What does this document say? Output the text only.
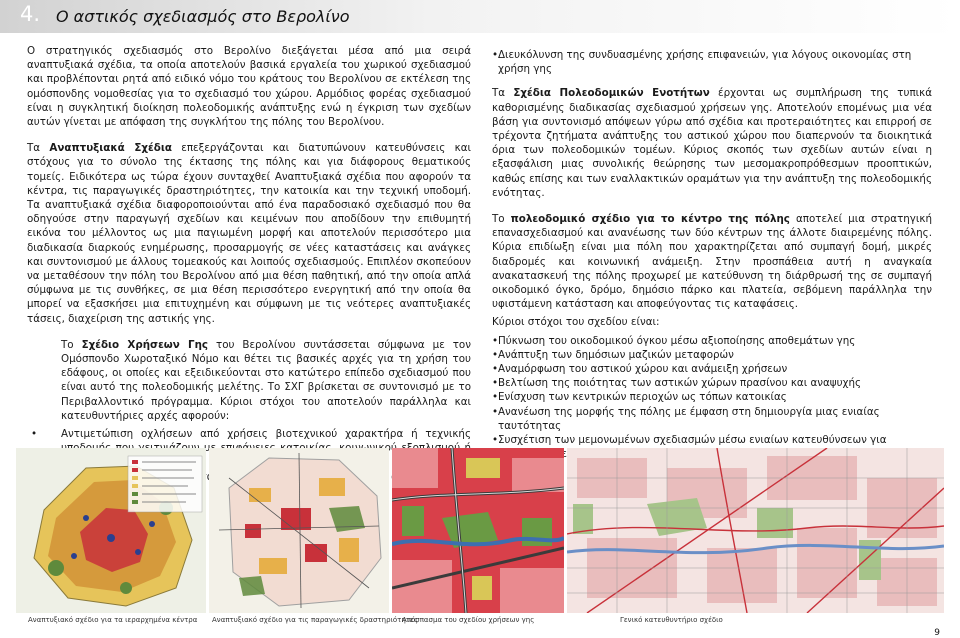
4. Ο αστικός σχεδιασμός στο Βερολίνο

Ο στρατηγικός σχεδιασμός στο Βερολίνο διεξάγεται μέσα από μια σειρά αναπτυξιακά σχέδια, τα οποία αποτελούν βασικά εργαλεία του χωρικού σχεδιασμού και προβλέπονται ρητά από ειδικό νόμο του κράτους του Βερολίνου σε εκτέλεση της ομόσπονδης νομοθεσίας για το σχεδιασμό του χώρου. Αρμόδιος φορέας σχεδιασμού είναι η συγκλητική διοίκηση πολεοδομικής ανάπτυξης ενώ η έγκριση των σχεδίων αυτών γίνεται με απόφαση της συγκλήτου της πόλης του Βερολίνου.

Τα Αναπτυξιακά Σχέδια επεξεργάζονται και διατυπώνουν κατευθύνσεις και στόχους για το σύνολο της έκτασης της πόλης και για διάφορους θεματικούς τομείς. Ειδικότερα ως τώρα έχουν συνταχθεί Αναπτυξιακά σχέδια που αφορούν τα κέντρα, τις παραγωγικές δραστηριότητες, την κατοικία και την τεχνική υποδομή. Τα αναπτυξιακά σχέδια διαφοροποιούνται από ένα παραδοσιακό σχεδιασμό που θα οδηγούσε στην παραγωγή σχεδίων και κειμένων που αποδίδουν την επιθυμητή εικόνα του μέλλοντος ως μια παγιωμένη μορφή και αποτελούν περισσότερο μια διαδικασία διαρκούς ενημέρωσης, προσαρμογής σε νέες καταστάσεις και ανάγκες και συντονισμού με άλλους τομεακούς και λοιπούς σχεδιασμούς. Επιπλέον σκοπεύουν να μεταθέσουν την πόλη του Βερολίνου από μια θέση παθητική, από την οποία απλά σύμφωνα με τις συνθήκες, σε μια θέση περισσότερο ενεργητική από την οποία θα μπορεί να εξασκήσει μια επιτυχημένη και σύμφωνη με τις νεότερες αναπτυξιακές τάσεις, διαχείριση της αστικής γης.

Το Σχέδιο Χρήσεων Γης του Βερολίνου συντάσσεται σύμφωνα με τον Ομόσπονδο Χωροταξικό Νόμο και θέτει τις βασικές αρχές για τη χρήση του εδάφους, οι οποίες και εξειδικεύονται στο κατώτερο επίπεδο σχεδιασμού που είναι αυτό της πολεοδομικής μελέτης. Το ΣΧΓ βρίσκεται σε συντονισμό με το Περιβαλλοντικό πρόγραμμα. Κύριοι στόχοι του αποτελούν παράλληλα και κατευθυντήριες αρχές αφορούν:

• Αντιμετώπιση οχλήσεων από χρήσεις βιοτεχνικού χαρακτήρα ή τεχνικής
•
• Διευκόλυνση της συνδυασμένης χρήσης επιφανειών, για λόγους οικονομίας στη χρήση γης

Τα Σχέδια Πολεοδομικών Ενοτήτων έρχονται ως συμπλήρωση της τυπικά καθορισμένης διαδικασίας σχεδιασμού χρήσεων γης. Αποτελούν επομένως μια νέα βάση για συντονισμό απόψεων γύρω από σχέδια και προτεραιότητες και επιρροή σε τρέχοντα ζητήματα ανάπτυξης του αστικού χώρου που διαπερνούν τα διοικητικά όρια των πολεοδομικών τομέων. Κύριος σκοπός των σχεδίων αυτών είναι η εξασφάλιση μιας συνολικής θεώρησης των μεσομακροπρόθεσμων προοπτικών, καθώς επίσης και των εναλλακτικών οραμάτων για την ανάπτυξη της πολεοδομικής ενότητας.

Το πολεοδομικό σχέδιο για το κέντρο της πόλης αποτελεί μια στρατηγική επανασχεδιασμού και ανανέωσης των δύο κέντρων της άλλοτε διαιρεμένης πόλης. Κύρια επιδίωξη είναι μια πόλη που χαρακτηρίζεται από συμπαγή δομή, μικρές διαδρομές και κοινωνική ανάμειξη. Στην προσπάθεια αυτή η αναγκαία ανακατασκευή της πόλης προχωρεί με κατεύθυνση τη διάρθρωσή της σε συμπαγή οικοδομικό όγκο, δρόμο, δημόσιο πάρκο και πλατεία, σεβόμενη παράλληλα την υφιστάμενη κατάσταση και αποφεύγοντας τις καταφάσεις.

Κύριοι στόχοι του σχεδίου είναι:

• Πύκνωση του οικοδομικού όγκου μέσω αξιοποίησης αποθεμάτων γης
• Ανάπτυξη των δημόσιων μαζικών μεταφορών
• Αναμόρφωση του αστικού χώρου και ανάμειξη χρήσεων
• Βελτίωση της ποιότητας των αστικών χώρων πρασίνου και αναψυχής
• Ενίσχυση των κεντρικών περιοχών ως τόπων κατοικίας
• Ανανέωση της μορφής της πόλης με έμφαση στη δημιουργία μιας ενιαίας ταυτότητας
• Συσχέτιση των μεμονωμένων σχεδιασμών μέσω ενιαίων κατευθύνσεων για
Αναπτυξιακό σχέδιο για τα ιεραρχημένα κέντρα Αναπτυξιακό σχέδιο για τις παραγωγικές δραστηριότητες
Απόσπασμα του σχεδίου χρήσεων γης	Γενικό κατευθυντήριο σχέδιο
9
